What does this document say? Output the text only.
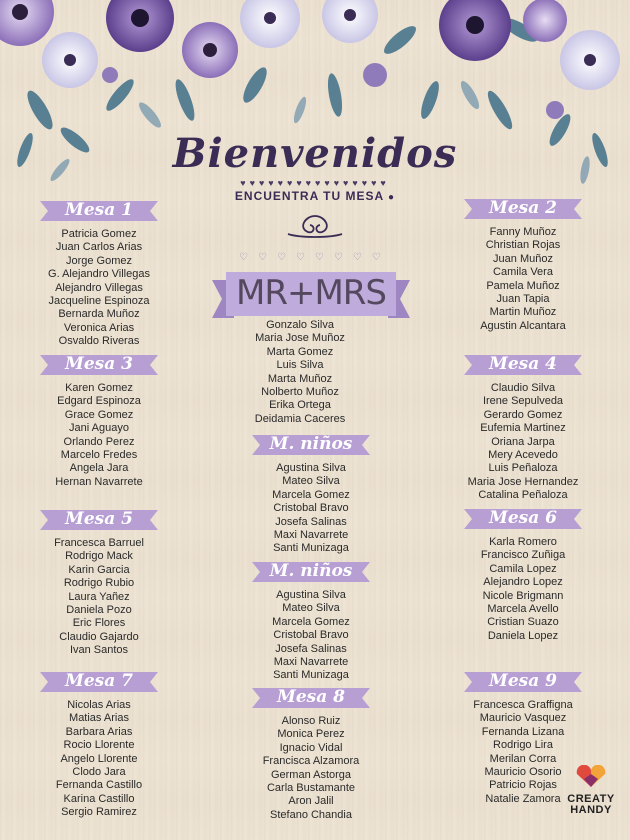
Bienvenidos
♥♥♥♥♥♥♥♥♥♥♥♥♥♥♥♥
ENCUENTRA TU MESA ●
♡♡♡♡♡♡♡♡
MR+MRS
Gonzalo Silva
Maria Jose Muñoz
Marta Gomez
Luis Silva
Marta Muñoz
Nolberto Muñoz
Erika Ortega
Deidamia Caceres
Mesa 1
Patricia Gomez
Juan Carlos Arias
Jorge Gomez
G. Alejandro Villegas
Alejandro Villegas
Jacqueline Espinoza
Bernarda Muñoz
Veronica Arias
Osvaldo Riveras
Mesa 2
Fanny Muñoz
Christian Rojas
Juan Muñoz
Camila Vera
Pamela Muñoz
Juan Tapia
Martin Muñoz
Agustin Alcantara
Mesa 3
Karen Gomez
Edgard Espinoza
Grace Gomez
Jani Aguayo
Orlando Perez
Marcelo Fredes
Angela Jara
Hernan Navarrete
Mesa 4
Claudio Silva
Irene Sepulveda
Gerardo Gomez
Eufemia Martinez
Oriana Jarpa
Mery Acevedo
Luis Peñaloza
Maria Jose Hernandez
Catalina Peñaloza
M. niños
Agustina Silva
Mateo Silva
Marcela Gomez
Cristobal Bravo
Josefa Salinas
Maxi Navarrete
Santi Munizaga
M. niños
Agustina Silva
Mateo Silva
Marcela Gomez
Cristobal Bravo
Josefa Salinas
Maxi Navarrete
Santi Munizaga
Mesa 5
Francesca Barruel
Rodrigo Mack
Karin Garcia
Rodrigo Rubio
Laura Yañez
Daniela Pozo
Eric Flores
Claudio Gajardo
Ivan Santos
Mesa 6
Karla Romero
Francisco Zuñiga
Camila Lopez
Alejandro Lopez
Nicole Brigmann
Marcela Avello
Cristian Suazo
Daniela Lopez
Mesa 7
Nicolas Arias
Matias Arias
Barbara Arias
Rocio Llorente
Angelo Llorente
Clodo Jara
Fernanda Castillo
Karina Castillo
Sergio Ramirez
Mesa 8
Alonso Ruiz
Monica Perez
Ignacio Vidal
Francisca Alzamora
German Astorga
Carla Bustamante
Aron Jalil
Stefano Chandia
Mesa 9
Francesca Graffigna
Mauricio Vasquez
Fernanda Lizana
Rodrigo Lira
Merilan Corra
Mauricio Osorio
Patricio Rojas
Natalie Zamora CREATY
HANDY
